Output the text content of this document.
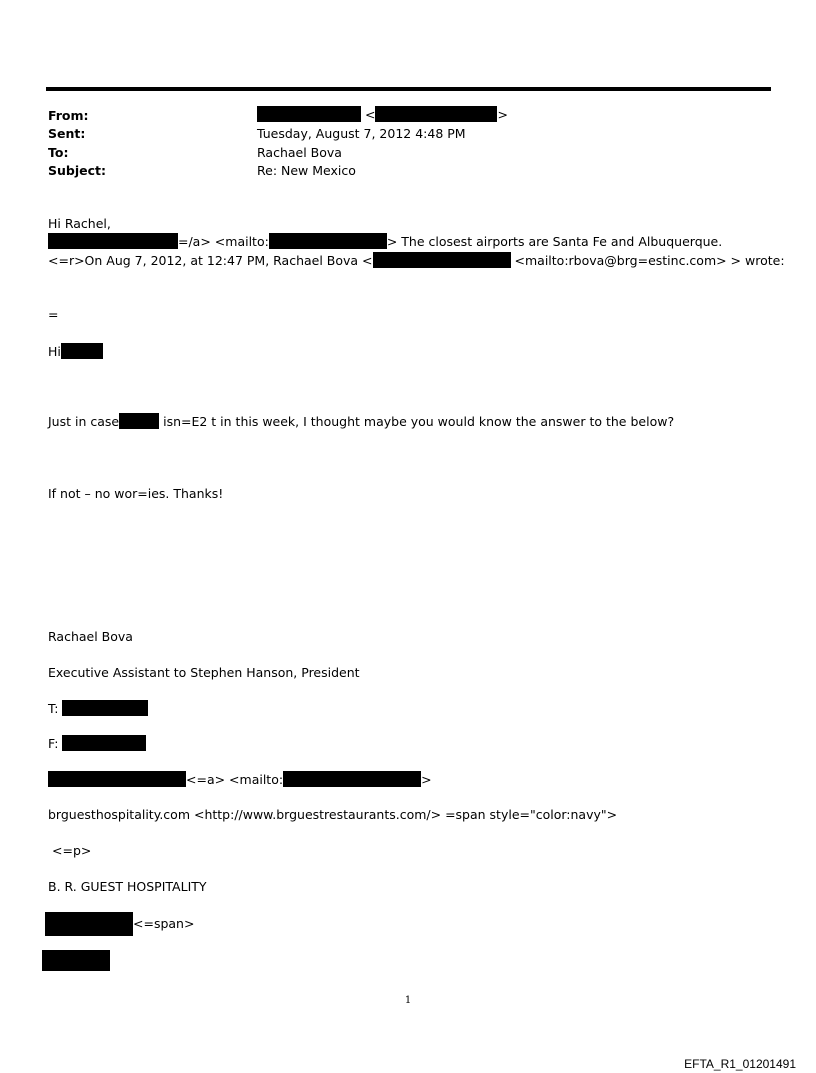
From:	<	>
Sent:	Tuesday, August 7, 2012 4:48 PM
To:	Rachael Bova
Subject:	Re: New Mexico
Hi Rachel,
=/a> <mailto:	> The closest airports are Santa Fe and Albuquerque.
<=r>On Aug 7, 2012, at 12:47 PM, Rachael Bova <	<mailto:rbova@brg=estinc.com> > wrote:
=
Hi
Just in case	isn=E2 t in this week, I thought maybe you would know the answer to the below?
If not – no wor=ies. Thanks!
Rachael Bova
Executive Assistant to Stephen Hanson, President
T:
F:
<=a> <mailto:	>
brguesthospitality.com <http://www.brguestrestaurants.com/> =span style="color:navy">
<=p>
B. R. GUEST HOSPITALITY
<=span>
1
EFTA_R1_01201491
